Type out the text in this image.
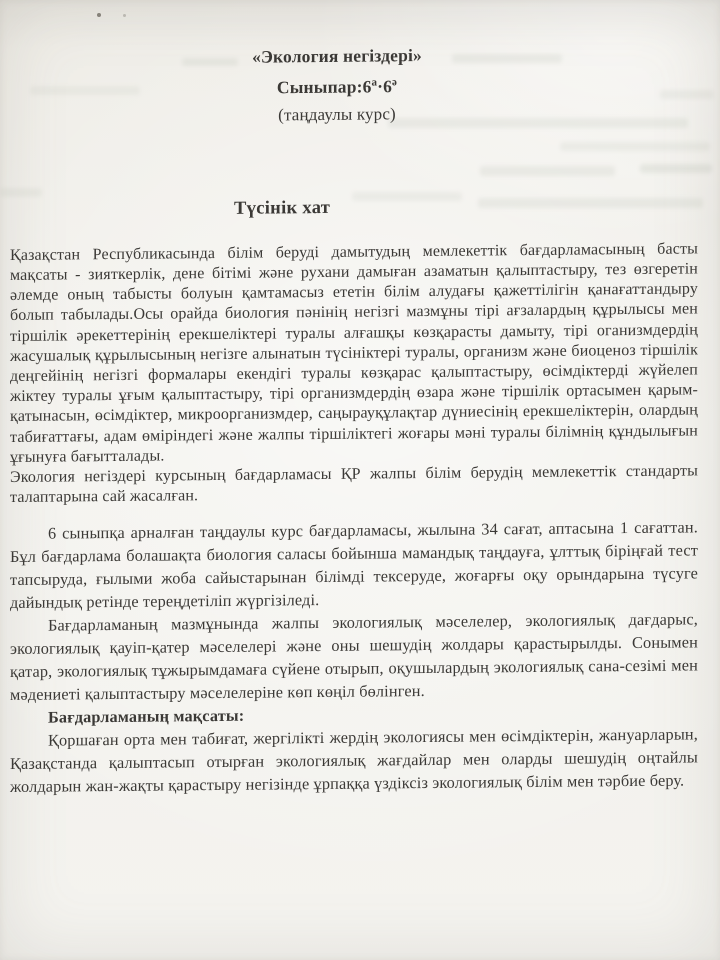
«Экология негіздері»
$Сыныпар:6^а\cdot 6^ә$
(таңдаулы курс)
Түсінік хат

Қазақстан Республикасында білім беруді дамытудың мемлекеттік бағдарламасының басты мақсаты - зияткерлік, дене бітімі және рухани дамыған азаматын қалыптастыру, тез өзгеретін әлемде оның табысты болуын қамтамасыз ететін білім алудағы қажеттілігін қанағаттандыру болып табылады.Осы орайда биология пәнінің негізгі мазмұны тірі ағзалардың құрылысы мен тіршілік әрекеттерінің ерекшеліктері туралы алғашқы көзқарасты дамыту, тірі оганизмдердің жасушалық құрылысының негізге алынатын түсініктері туралы, организм және биоценоз тіршілік деңгейінің негізгі формалары екендігі туралы көзқарас қалыптастыру, өсімдіктерді жүйелеп жіктеу туралы ұғым қалыптастыру, тірі организмдердің өзара және тіршілік ортасымен қарым-қатынасын, өсімдіктер, микроорганизмдер, саңырауқұлақтар дүниесінің ерекшеліктерін, олардың табиғаттағы, адам өміріндегі және жалпы тіршіліктегі жоғары мәні туралы білімнің құндылығын ұғынуға бағытталады.

Экология негіздері курсының бағдарламасы ҚР жалпы білім берудің мемлекеттік стандарты талаптарына сай жасалған.

6 сыныпқа арналған таңдаулы курс бағдарламасы, жылына 34 сағат, аптасына 1 сағаттан. Бұл бағдарлама болашақта биология саласы бойынша мамандық таңдауға, ұлттық біріңғай тест тапсыруда, ғылыми жоба сайыстарынан білімді тексеруде, жоғарғы оқу орындарына түсуге дайындық ретінде тереңдетіліп жүргізіледі.

Бағдарламаның мазмұнында жалпы экологиялық мәселелер, экологиялық дағдарыс, экологиялық қауіп-қатер мәселелері және оны шешудің жолдары қарастырылды. Сонымен қатар, экологиялық тұжырымдамаға сүйене отырып, оқушылардың экологиялық сана-сезімі мен мәдениеті қалыптастыру мәселелеріне көп көңіл бөлінген.

Бағдарламаның мақсаты:

Қоршаған орта мен табиғат, жергілікті жердің экологиясы мен өсімдіктерін, жануарларын, Қазақстанда қалыптасып отырған экологиялық жағдайлар мен оларды шешудің оңтайлы жолдарын жан-жақты қарастыру негізінде ұрпаққа үздіксіз экологиялық білім мен тәрбие беру.
